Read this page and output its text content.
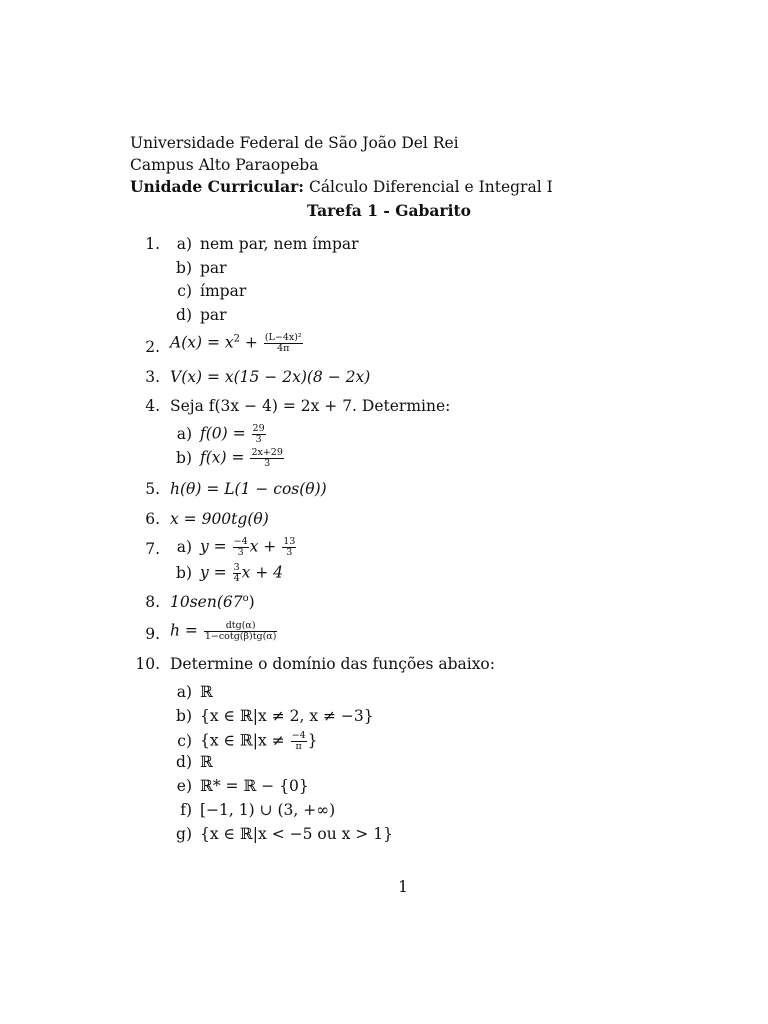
Universidade Federal de São João Del Rei
Campus Alto Paraopeba
Unidade Curricular: Cálculo Diferencial e Integral I
Tarefa 1 - Gabarito
1.	a) nem par, nem ímpar
b) par
c) ímpar
d) par
2. $A(x) = x^2 + \frac{\text{(L−4x)²}}{4\pi}$
3. V(x) = x(15 − 2x)(8 − 2x)
4. Seja f(3x − 4) = 2x + 7. Determine:
a) $f(0) = \frac{29}{3}$
b) $f(x) = \frac{2x+29}{3}$
5. h(θ) = L(1 − cos(θ))
6. x = 900tg(θ)
7.	a) $y = \frac{-4}{3}$ $x + \frac{13}{3}$
b) $y = \frac{3}{4}$ x + 4
8. 10sen(67$^o$)
9. $h = \frac{\text{dtg(α)}}{1-\cot g(\beta)tg(\alpha)}$
10. Determine o domínio das funções abaixo:
a) ℝ
b) {x ∈ ℝ|x ≠ 2, x ≠ −3}
c) {x ∈ ℝ|x ≠ $\frac{-4}{\pi}$ }
d) ℝ
e) ℝ* = ℝ − {0}
f) [−1, 1) ∪ (3, +∞)
g) {x ∈ ℝ|x < −5 ou x > 1}
1
